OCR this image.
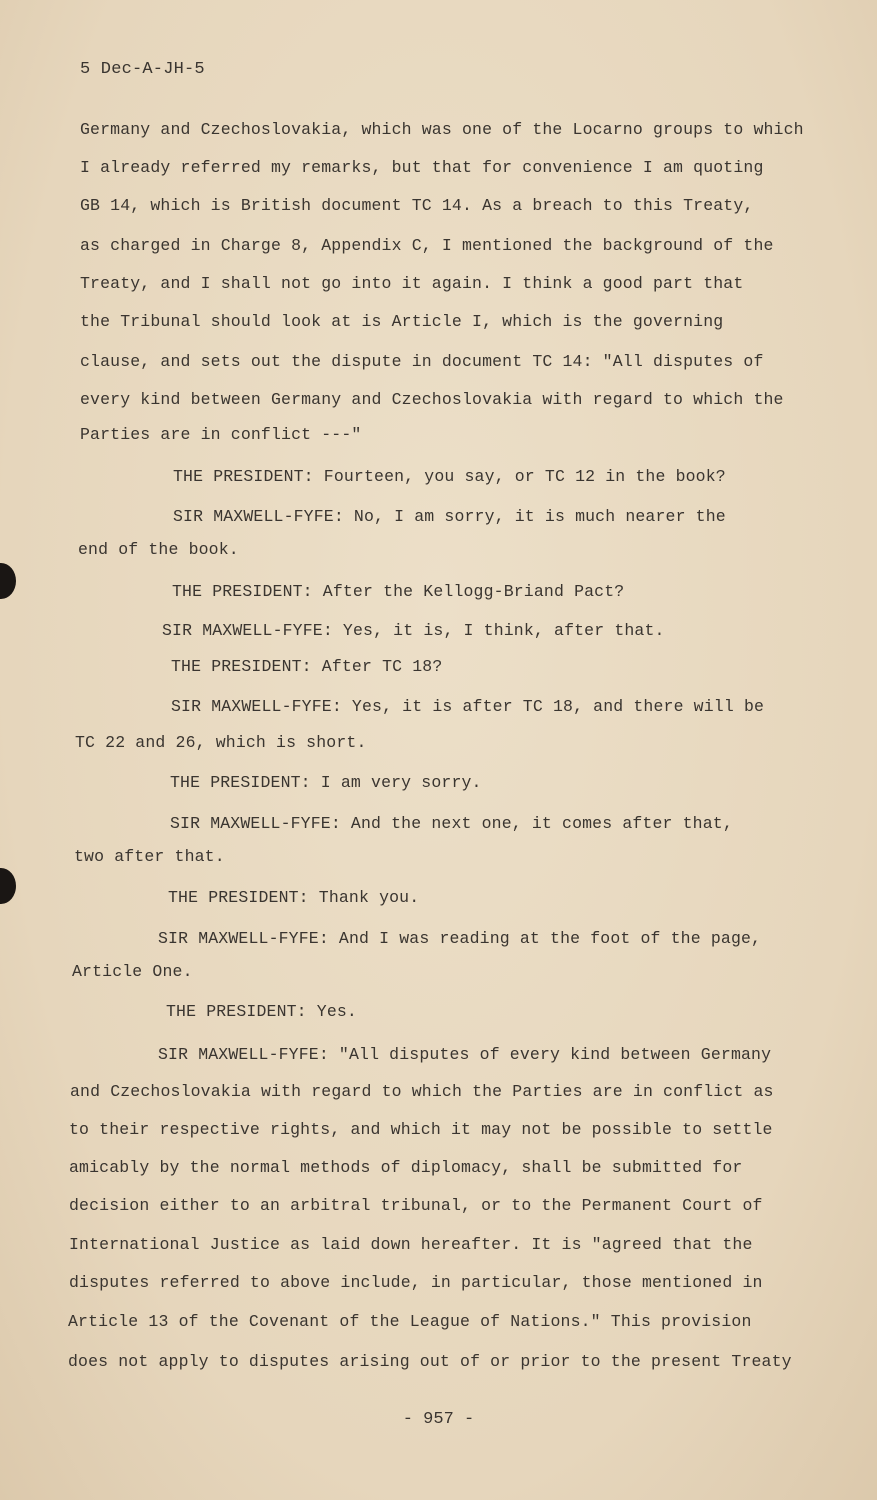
5 Dec-A-JH-5
Germany and Czechoslovakia, which was one of the Locarno groups to which
I already referred my remarks, but that for convenience I am quoting
GB 14, which is British document TC 14. As a breach to this Treaty,
as charged in Charge 8, Appendix C, I mentioned the background of the
Treaty, and I shall not go into it again. I think a good part that
the Tribunal should look at is Article I, which is the governing
clause, and sets out the dispute in document TC 14: "All disputes of
every kind between Germany and Czechoslovakia with regard to which the
Parties are in conflict ---"
THE PRESIDENT: Fourteen, you say, or TC 12 in the book?
SIR MAXWELL-FYFE: No, I am sorry, it is much nearer the
end of the book.
THE PRESIDENT: After the Kellogg-Briand Pact?
SIR MAXWELL-FYFE: Yes, it is, I think, after that.
THE PRESIDENT: After TC 18?
SIR MAXWELL-FYFE: Yes, it is after TC 18, and there will be
TC 22 and 26, which is short.
THE PRESIDENT: I am very sorry.
SIR MAXWELL-FYFE: And the next one, it comes after that,
two after that.
THE PRESIDENT: Thank you.
SIR MAXWELL-FYFE: And I was reading at the foot of the page,
Article One.
THE PRESIDENT: Yes.
SIR MAXWELL-FYFE: "All disputes of every kind between Germany
and Czechoslovakia with regard to which the Parties are in conflict as
to their respective rights, and which it may not be possible to settle
amicably by the normal methods of diplomacy, shall be submitted for
decision either to an arbitral tribunal, or to the Permanent Court of
International Justice as laid down hereafter. It is "agreed that the
disputes referred to above include, in particular, those mentioned in
Article 13 of the Covenant of the League of Nations." This provision
does not apply to disputes arising out of or prior to the present Treaty
- 957 -
